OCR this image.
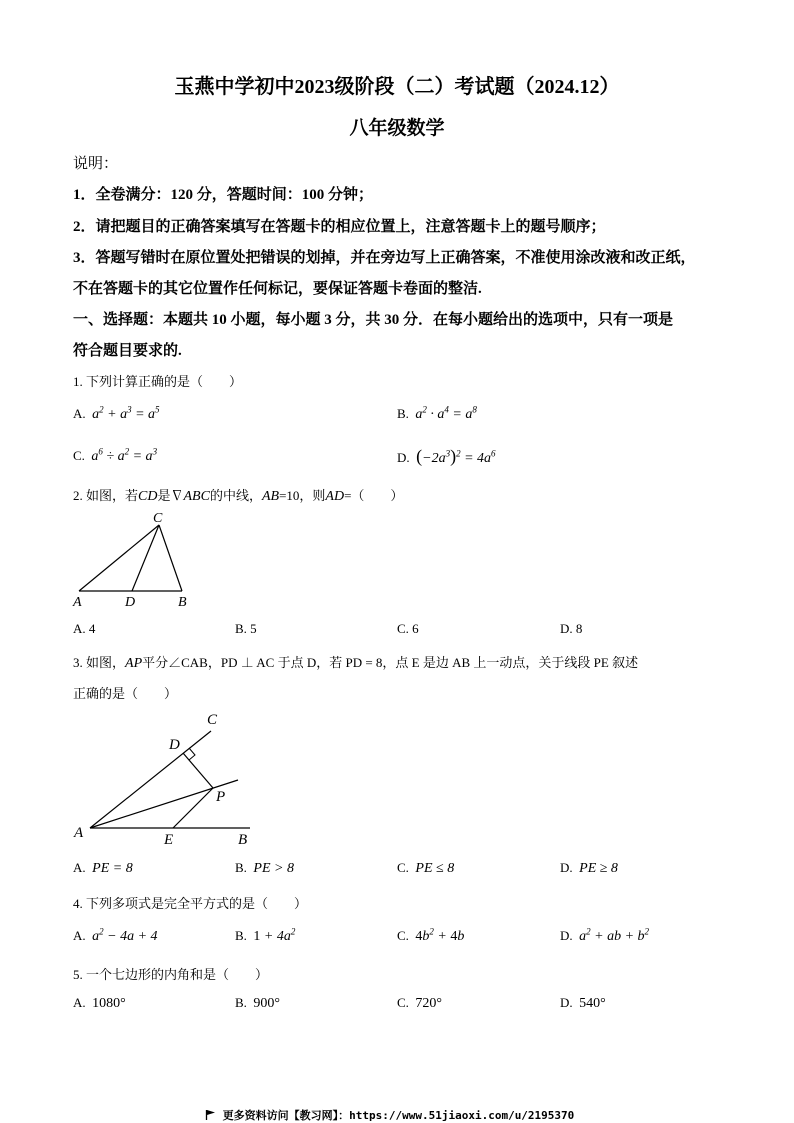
玉燕中学初中2023级阶段（二）考试题（2024.12）
八年级数学
说明：
1．全卷满分：120 分，答题时间：100 分钟；
2．请把题目的正确答案填写在答题卡的相应位置上，注意答题卡上的题号顺序；
3．答题写错时在原位置处把错误的划掉，并在旁边写上正确答案，不准使用涂改液和改正纸，
不在答题卡的其它位置作任何标记，要保证答题卡卷面的整洁.
一、选择题：本题共 10 小题，每小题 3 分，共 30 分．在每小题给出的选项中，只有一项是
符合题目要求的.
1. 下列计算正确的是（　　）
A. $a^2 + a^3 = a^5$	B. $a^2 \cdot a^4 = a^8$
C. $a^6 \div a^2 = a^3$	D. $(-2a^3)^2 = 4a^6$
2. 如图，若CD是∇ABC的中线，AB=10，则AD=（　　）
C
A	D	B
A. 4	B. 5	C. 6	D. 8
3. 如图，AP平分∠CAB，PD ⊥ AC 于点 D，若 PD = 8，点 E 是边 AB 上一动点，关于线段 PE 叙述
正确的是（　　）
C
D
P
A	E	B
A. PE = 8	B. PE > 8	C. PE ≤ 8	D. PE ≥ 8
4. 下列多项式是完全平方式的是（　　）
A. $a^2 - 4a + 4$	B. $1 + 4a^2$	C. $4b^2 + 4b$	D. $a^2$ + ab + $b^2$
5. 一个七边形的内角和是（　　）
A. 1080°	B. 900°	C. 720°	D. 540°
更多资料访问【教习网】：https://www.51jiaoxi.com/u/2195370
